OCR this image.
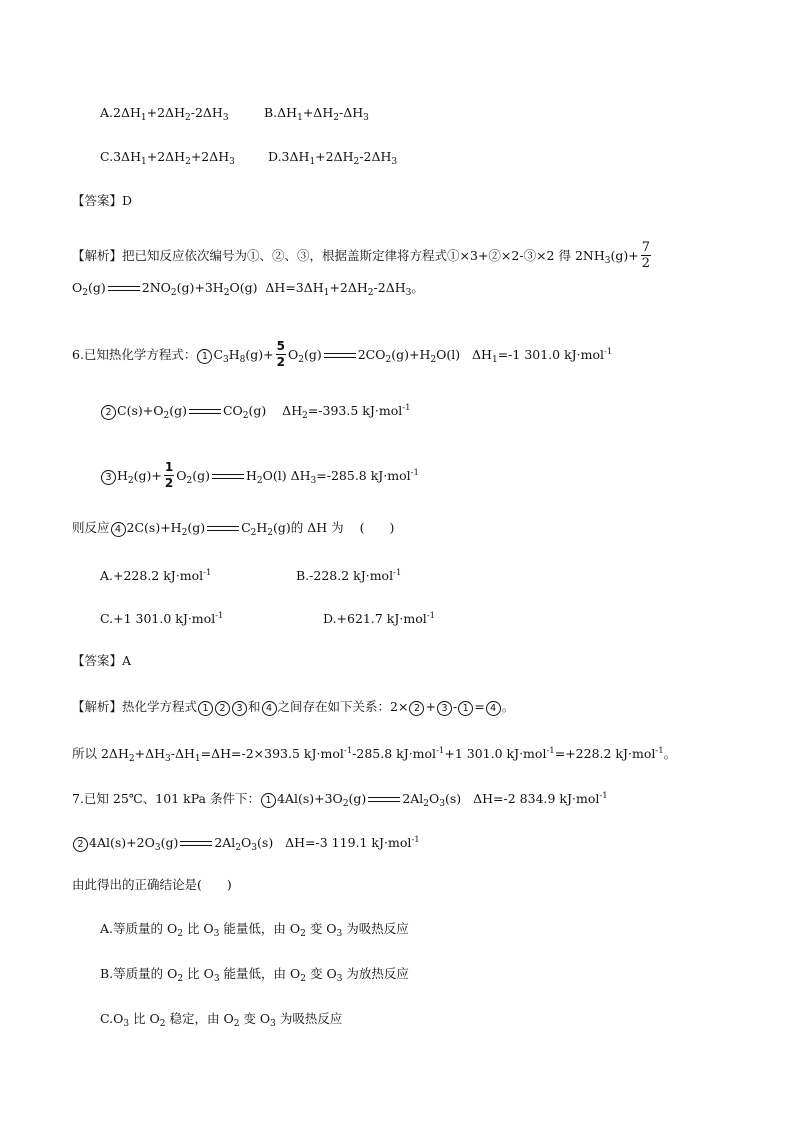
$A.2\Delta H_1+2\Delta H_2-2\Delta H_3$	$B.\Delta H_1+\Delta H_2-\Delta H_3$
$C.3\Delta H_1+2\Delta H_2+2\Delta H_3$	$D.3\Delta H_1+2\Delta H_2-2\Delta H_3$
【答案】D
【解析】把已知反应依次编号为①、②、③，根据盖斯定律将方程式①×3+②×2-③×2 得 $2NH_3(g)+ \frac{7}{2}$
$O_2(g)$	$2NO_2(g)+3H_2O(g)$  $\Delta H=3\Delta H_1+2\Delta H_2-2\Delta H_3$。
6.已知热化学方程式： 1 $C_3H_8(g)+ \frac{5}{2} O_2(g)$	$2CO_2(g)+H_2O(l)$   $\Delta H_1=-1$ 301.0 kJ·mol$^{-1}$
2 $C(s)+O_2(g)$	$CO_2(g)$    $\Delta H_2=-393.5$ kJ·mol$^{-1}$
3 $H_2(g)+ \frac{1}{2} O_2(g)$	$H_2O(l)$ $\Delta H_3=-285.8$ kJ·mol$^{-1}$
则反应 4 $2C(s)+H_2(g)$	$C_2H_2(g)$的 ΔH 为 (　　)
A.+228.2 kJ·mol$^{-1}$	B.-228.2 kJ·mol$^{-1}$
C.+1 301.0 kJ·mol$^{-1}$	D.+621.7 kJ·mol$^{-1}$
【答案】A
【解析】热化学方程式 1 2 3 和 4 之间存在如下关系：2× 2 + 3 - 1 = 4 。
所以 $2\Delta H_2+\Delta H_3-\Delta H_1=\Delta H=-2\times 393.5$ kJ·mol$^{-1}$-285.8 kJ·mol$^{-1}$+1 301.0 kJ·mol$^{-1}$=+228.2 kJ·mol$^{-1}$。
7.已知 25℃、101 kPa 条件下： 1 $4Al(s)+3O_2(g)$	$2Al_2O_3(s)$   ΔH=-2 834.9 kJ·mol$^{-1}$
2 $4Al(s)+2O_3(g)$	$2Al_2O_3(s)$   ΔH=-3 119.1 kJ·mol$^{-1}$
由此得出的正确结论是(　　)
A.等质量的 $O_2$ 比 $O_3$ 能量低，由 $O_2$ 变 $O_3$ 为吸热反应
B.等质量的 $O_2$ 比 $O_3$ 能量低，由 $O_2$ 变 $O_3$ 为放热反应
$C.O_3$ 比 $O_2$ 稳定，由 $O_2$ 变 $O_3$ 为吸热反应
